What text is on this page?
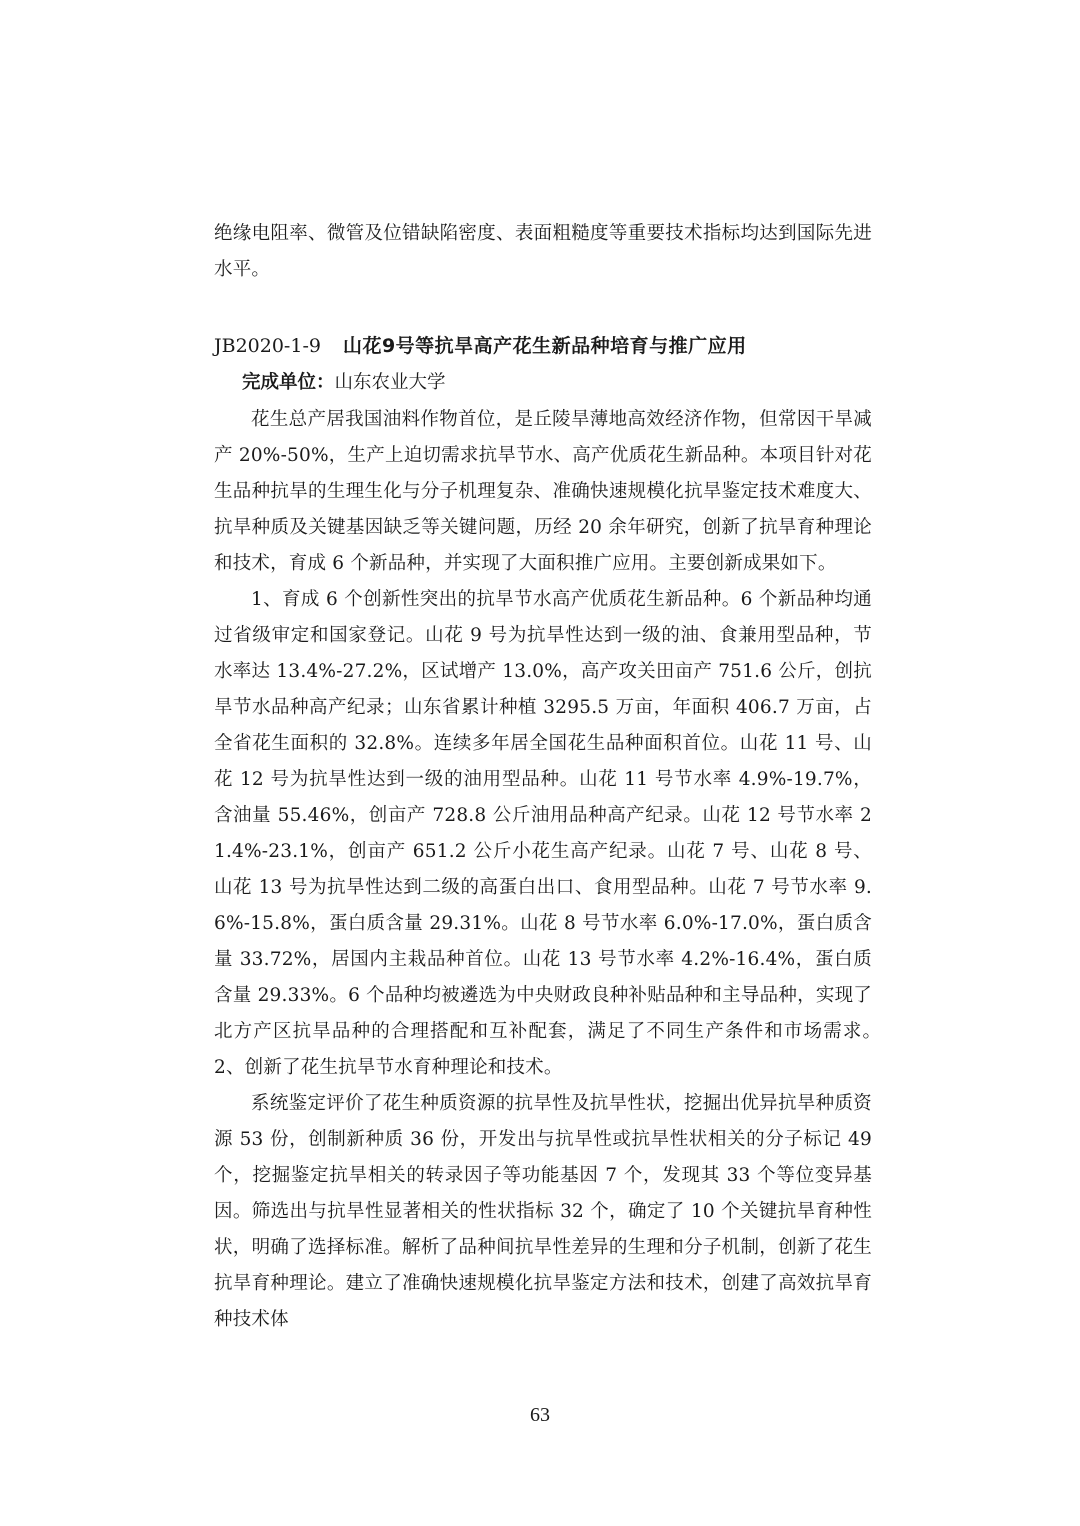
绝缘电阻率、微管及位错缺陷密度、表面粗糙度等重要技术指标均达到国际先进水平。
JB2020-1-9 山花9号等抗旱高产花生新品种培育与推广应用
完成单位：山东农业大学

花生总产居我国油料作物首位，是丘陵旱薄地高效经济作物，但常因干旱减产 20%-50%，生产上迫切需求抗旱节水、高产优质花生新品种。本项目针对花生品种抗旱的生理生化与分子机理复杂、准确快速规模化抗旱鉴定技术难度大、抗旱种质及关键基因缺乏等关键问题，历经 20 余年研究，创新了抗旱育种理论和技术，育成 6 个新品种，并实现了大面积推广应用。主要创新成果如下。

1、育成 6 个创新性突出的抗旱节水高产优质花生新品种。6 个新品种均通过省级审定和国家登记。山花 9 号为抗旱性达到一级的油、食兼用型品种，节水率达 13.4%-27.2%，区试增产 13.0%，高产攻关田亩产 751.6 公斤，创抗旱节水品种高产纪录；山东省累计种植 3295.5 万亩，年面积 406.7 万亩，占全省花生面积的 32.8%。连续多年居全国花生品种面积首位。山花 11 号、山花 12 号为抗旱性达到一级的油用型品种。山花 11 号节水率 4.9%-19.7%，含油量 55.46%，创亩产 728.8 公斤油用品种高产纪录。山花 12 号节水率 21.4%-23.1%，创亩产 651.2 公斤小花生高产纪录。山花 7 号、山花 8 号、山花 13 号为抗旱性达到二级的高蛋白出口、食用型品种。山花 7 号节水率 9.6%-15.8%，蛋白质含量 29.31%。山花 8 号节水率 6.0%-17.0%，蛋白质含量 33.72%，居国内主栽品种首位。山花 13 号节水率 4.2%-16.4%，蛋白质含量 29.33%。6 个品种均被遴选为中央财政良种补贴品种和主导品种，实现了北方产区抗旱品种的合理搭配和互补配套，满足了不同生产条件和市场需求。　2、创新了花生抗旱节水育种理论和技术。

系统鉴定评价了花生种质资源的抗旱性及抗旱性状，挖掘出优异抗旱种质资源 53 份，创制新种质 36 份，开发出与抗旱性或抗旱性状相关的分子标记 49 个，挖掘鉴定抗旱相关的转录因子等功能基因 7 个，发现其 33 个等位变异基因。筛选出与抗旱性显著相关的性状指标 32 个，确定了 10 个关键抗旱育种性状，明确了选择标准。解析了品种间抗旱性差异的生理和分子机制，创新了花生抗旱育种理论。建立了准确快速规模化抗旱鉴定方法和技术，创建了高效抗旱育种技术体

63
